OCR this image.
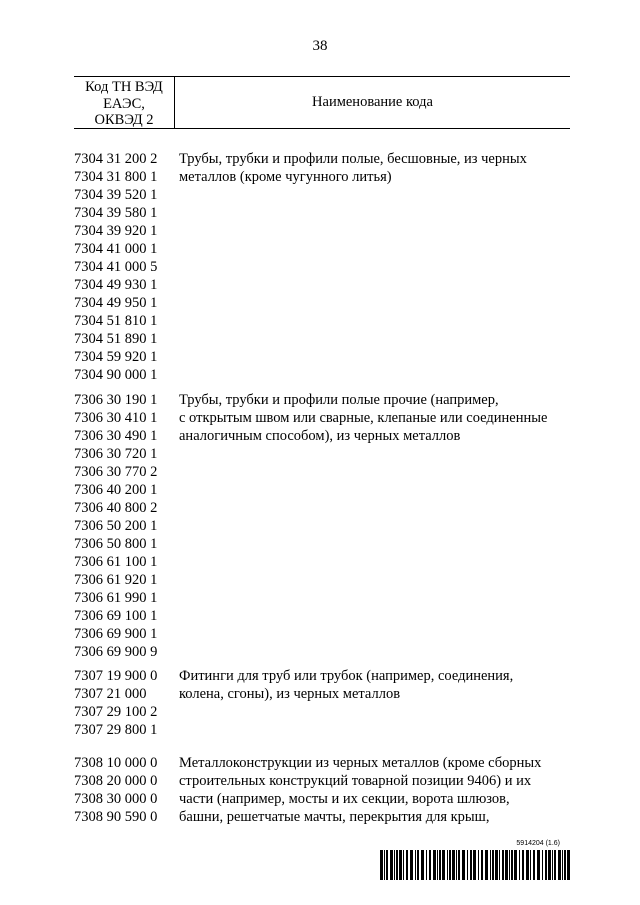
38
Код ТН ВЭД
ЕАЭС,
ОКВЭД 2
Наименование кода
7304 31 200 2
7304 31 800 1
7304 39 520 1
7304 39 580 1
7304 39 920 1
7304 41 000 1
7304 41 000 5
7304 49 930 1
7304 49 950 1
7304 51 810 1
7304 51 890 1
7304 59 920 1
7304 90 000 1
Трубы, трубки и профили полые, бесшовные, из черных
металлов (кроме чугунного литья)
7306 30 190 1
7306 30 410 1
7306 30 490 1
7306 30 720 1
7306 30 770 2
7306 40 200 1
7306 40 800 2
7306 50 200 1
7306 50 800 1
7306 61 100 1
7306 61 920 1
7306 61 990 1
7306 69 100 1
7306 69 900 1
7306 69 900 9
Трубы, трубки и профили полые прочие (например,
с открытым швом или сварные, клепаные или соединенные
аналогичным способом), из черных металлов
7307 19 900 0
7307 21 000
7307 29 100 2
7307 29 800 1
Фитинги для труб или трубок (например, соединения,
колена, сгоны), из черных металлов
7308 10 000 0
7308 20 000 0
7308 30 000 0
7308 90 590 0
Металлоконструкции из черных металлов (кроме сборных
строительных конструкций товарной позиции 9406) и их
части (например, мосты и их секции, ворота шлюзов,
башни, решетчатые мачты, перекрытия для крыш,
5914204 (1.6)
